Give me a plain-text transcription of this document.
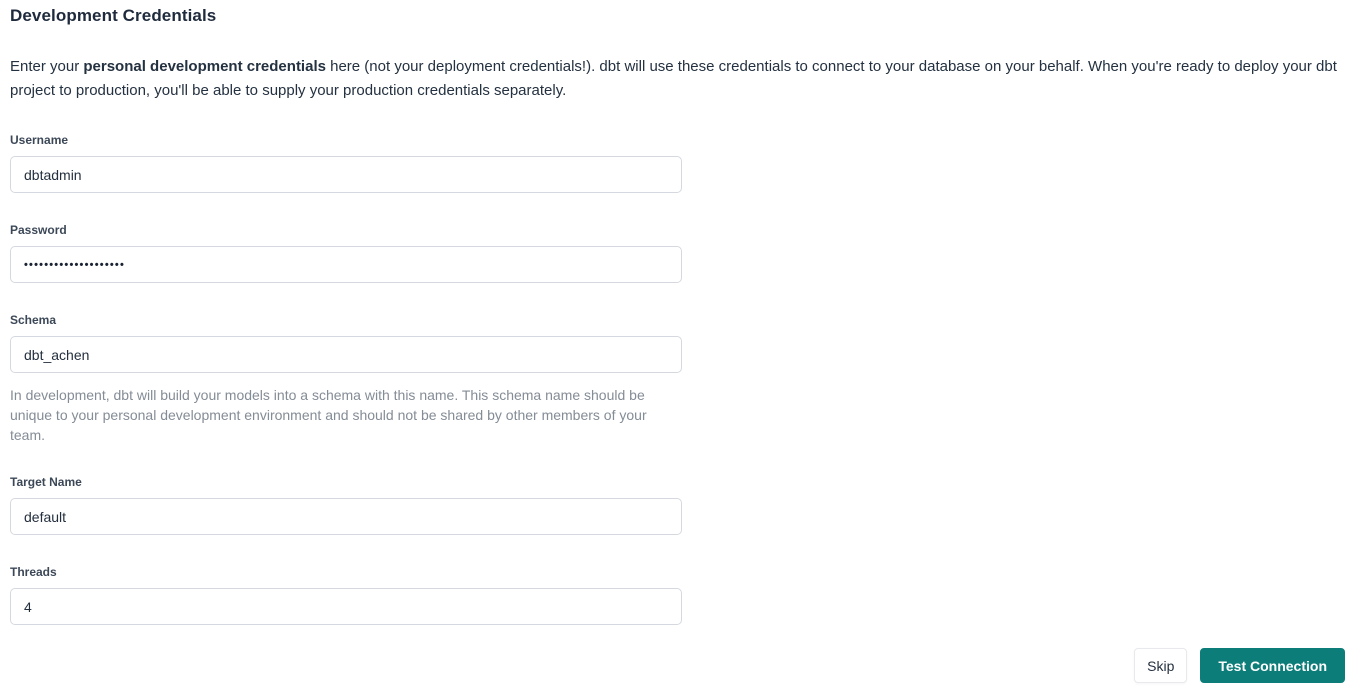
Development Credentials

Enter your personal development credentials here (not your deployment credentials!). dbt will use these credentials to connect to your database on your behalf. When you're ready to deploy your dbt project to production, you'll be able to supply your production credentials separately.

Username
dbtadmin
Password
••••••••••••••••••••
Schema
dbt_achen
In development, dbt will build your models into a schema with this name. This schema name should be unique to your personal development environment and should not be shared by other members of your team.
Target Name
default
Threads
4
Skip	Test Connection
